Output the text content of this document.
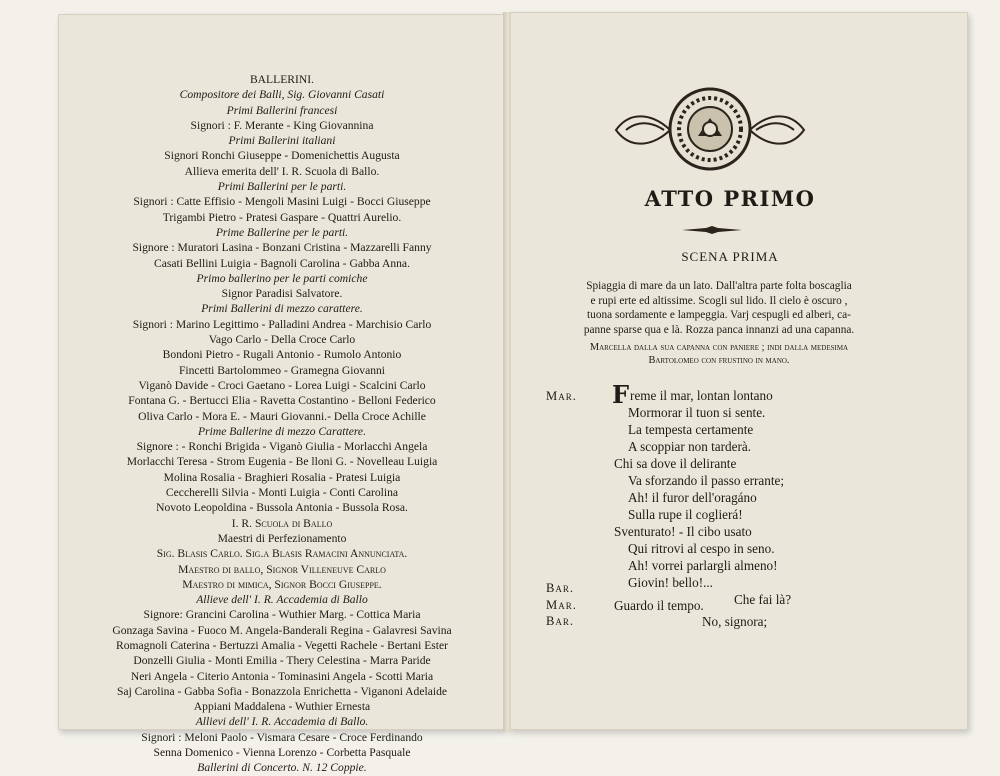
BALLERINI.
Compositore dei Balli, Sig. Giovanni Casati
Primi Ballerini francesi
Signori : F. Merante - King Giovannina
Primi Ballerini italiani
Signori Ronchi Giuseppe - Domenichettis Augusta
Allieva emerita dell' I. R. Scuola di Ballo.
Primi Ballerini per le parti.
Signori : Catte Effisio - Mengoli Masini Luigi - Bocci Giuseppe
Trigambi Pietro - Pratesi Gaspare - Quattri Aurelio.
Prime Ballerine per le parti.
Signore : Muratori Lasina - Bonzani Cristina - Mazzarelli Fanny
Casati Bellini Luigia - Bagnoli Carolina - Gabba Anna.
Primo ballerino per le parti comiche
Signor Paradisi Salvatore.
Primi Ballerini di mezzo carattere.
Signori : Marino Legittimo - Palladini Andrea - Marchisio Carlo
Vago Carlo - Della Croce Carlo
Bondoni Pietro - Rugali Antonio - Rumolo Antonio
Fincetti Bartolommeo - Gramegna Giovanni
Viganò Davide - Croci Gaetano - Lorea Luigi - Scalcini Carlo
Fontana G. - Bertucci Elia - Ravetta Costantino - Belloni Federico
Oliva Carlo - Mora E. - Mauri Giovanni.- Della Croce Achille
Prime Ballerine di mezzo Carattere.
Signore : - Ronchi Brigida - Viganò Giulia - Morlacchi Angela
Morlacchi Teresa - Strom Eugenia - Be lloni G. - Novelleau Luigia
Molina Rosalia - Braghieri Rosalia - Pratesi Luigia
Ceccherelli Silvia - Monti Luigia - Conti Carolina
Novoto Leopoldina - Bussola Antonia - Bussola Rosa.
I. R. Scuola di Ballo
Maestri di Perfezionamento
Sig. Blasis Carlo. Sig.a Blasis Ramacini Annunciata.
Maestro di ballo, Signor Villeneuve Carlo
Maestro di mimica, Signor Bocci Giuseppe.
Allieve dell' I. R. Accademia di Ballo
Signore: Grancini Carolina - Wuthier Marg. - Cottica Maria
Gonzaga Savina - Fuoco M. Angela-Banderali Regina - Galavresi Savina
Romagnoli Caterina - Bertuzzi Amalia - Vegetti Rachele - Bertani Ester
Donzelli Giulia - Monti Emilia - Thery Celestina - Marra Paride
Neri Angela - Citerio Antonia - Tominasini Angela - Scotti Maria
Saj Carolina - Gabba Sofia - Bonazzola Enrichetta - Viganoni Adelaide
Appiani Maddalena - Wuthier Ernesta
Allievi dell' I. R. Accademia di Ballo.
Signori : Meloni Paolo - Vismara Cesare - Croce Ferdinando
Senna Domenico - Vienna Lorenzo - Corbetta Pasquale
Ballerini di Concerto. N. 12 Coppie.
ATTO PRIMO
SCENA PRIMA
Spiaggia di mare da un lato. Dall'altra parte folta boscaglia
e rupi erte ed altissime. Scogli sul lido. Il cielo è oscuro ,
tuona sordamente e lampeggia. Varj cespugli ed alberi, ca-
panne sparse qua e là. Rozza panca innanzi ad una capanna.
Marcella dalla sua capanna con paniere ; indi dalla medesima
Bartolomeo con frustino in mano.
Mar. Freme il mar, lontan lontano
Mormorar il tuon si sente.
La tempesta certamente
A scoppiar non tarderà.
Chi sa dove il delirante
Va sforzando il passo errante;
Ah! il furor dell'oragáno
Sulla rupe il coglierá!
Sventurato! - Il cibo usato
Qui ritrovi al cespo in seno.
Ah! vorrei parlargli almeno!
Giovin! bello!...
Bar.
Che fai là?
Mar.	Guardo il tempo.
Bar.	No, signora;
